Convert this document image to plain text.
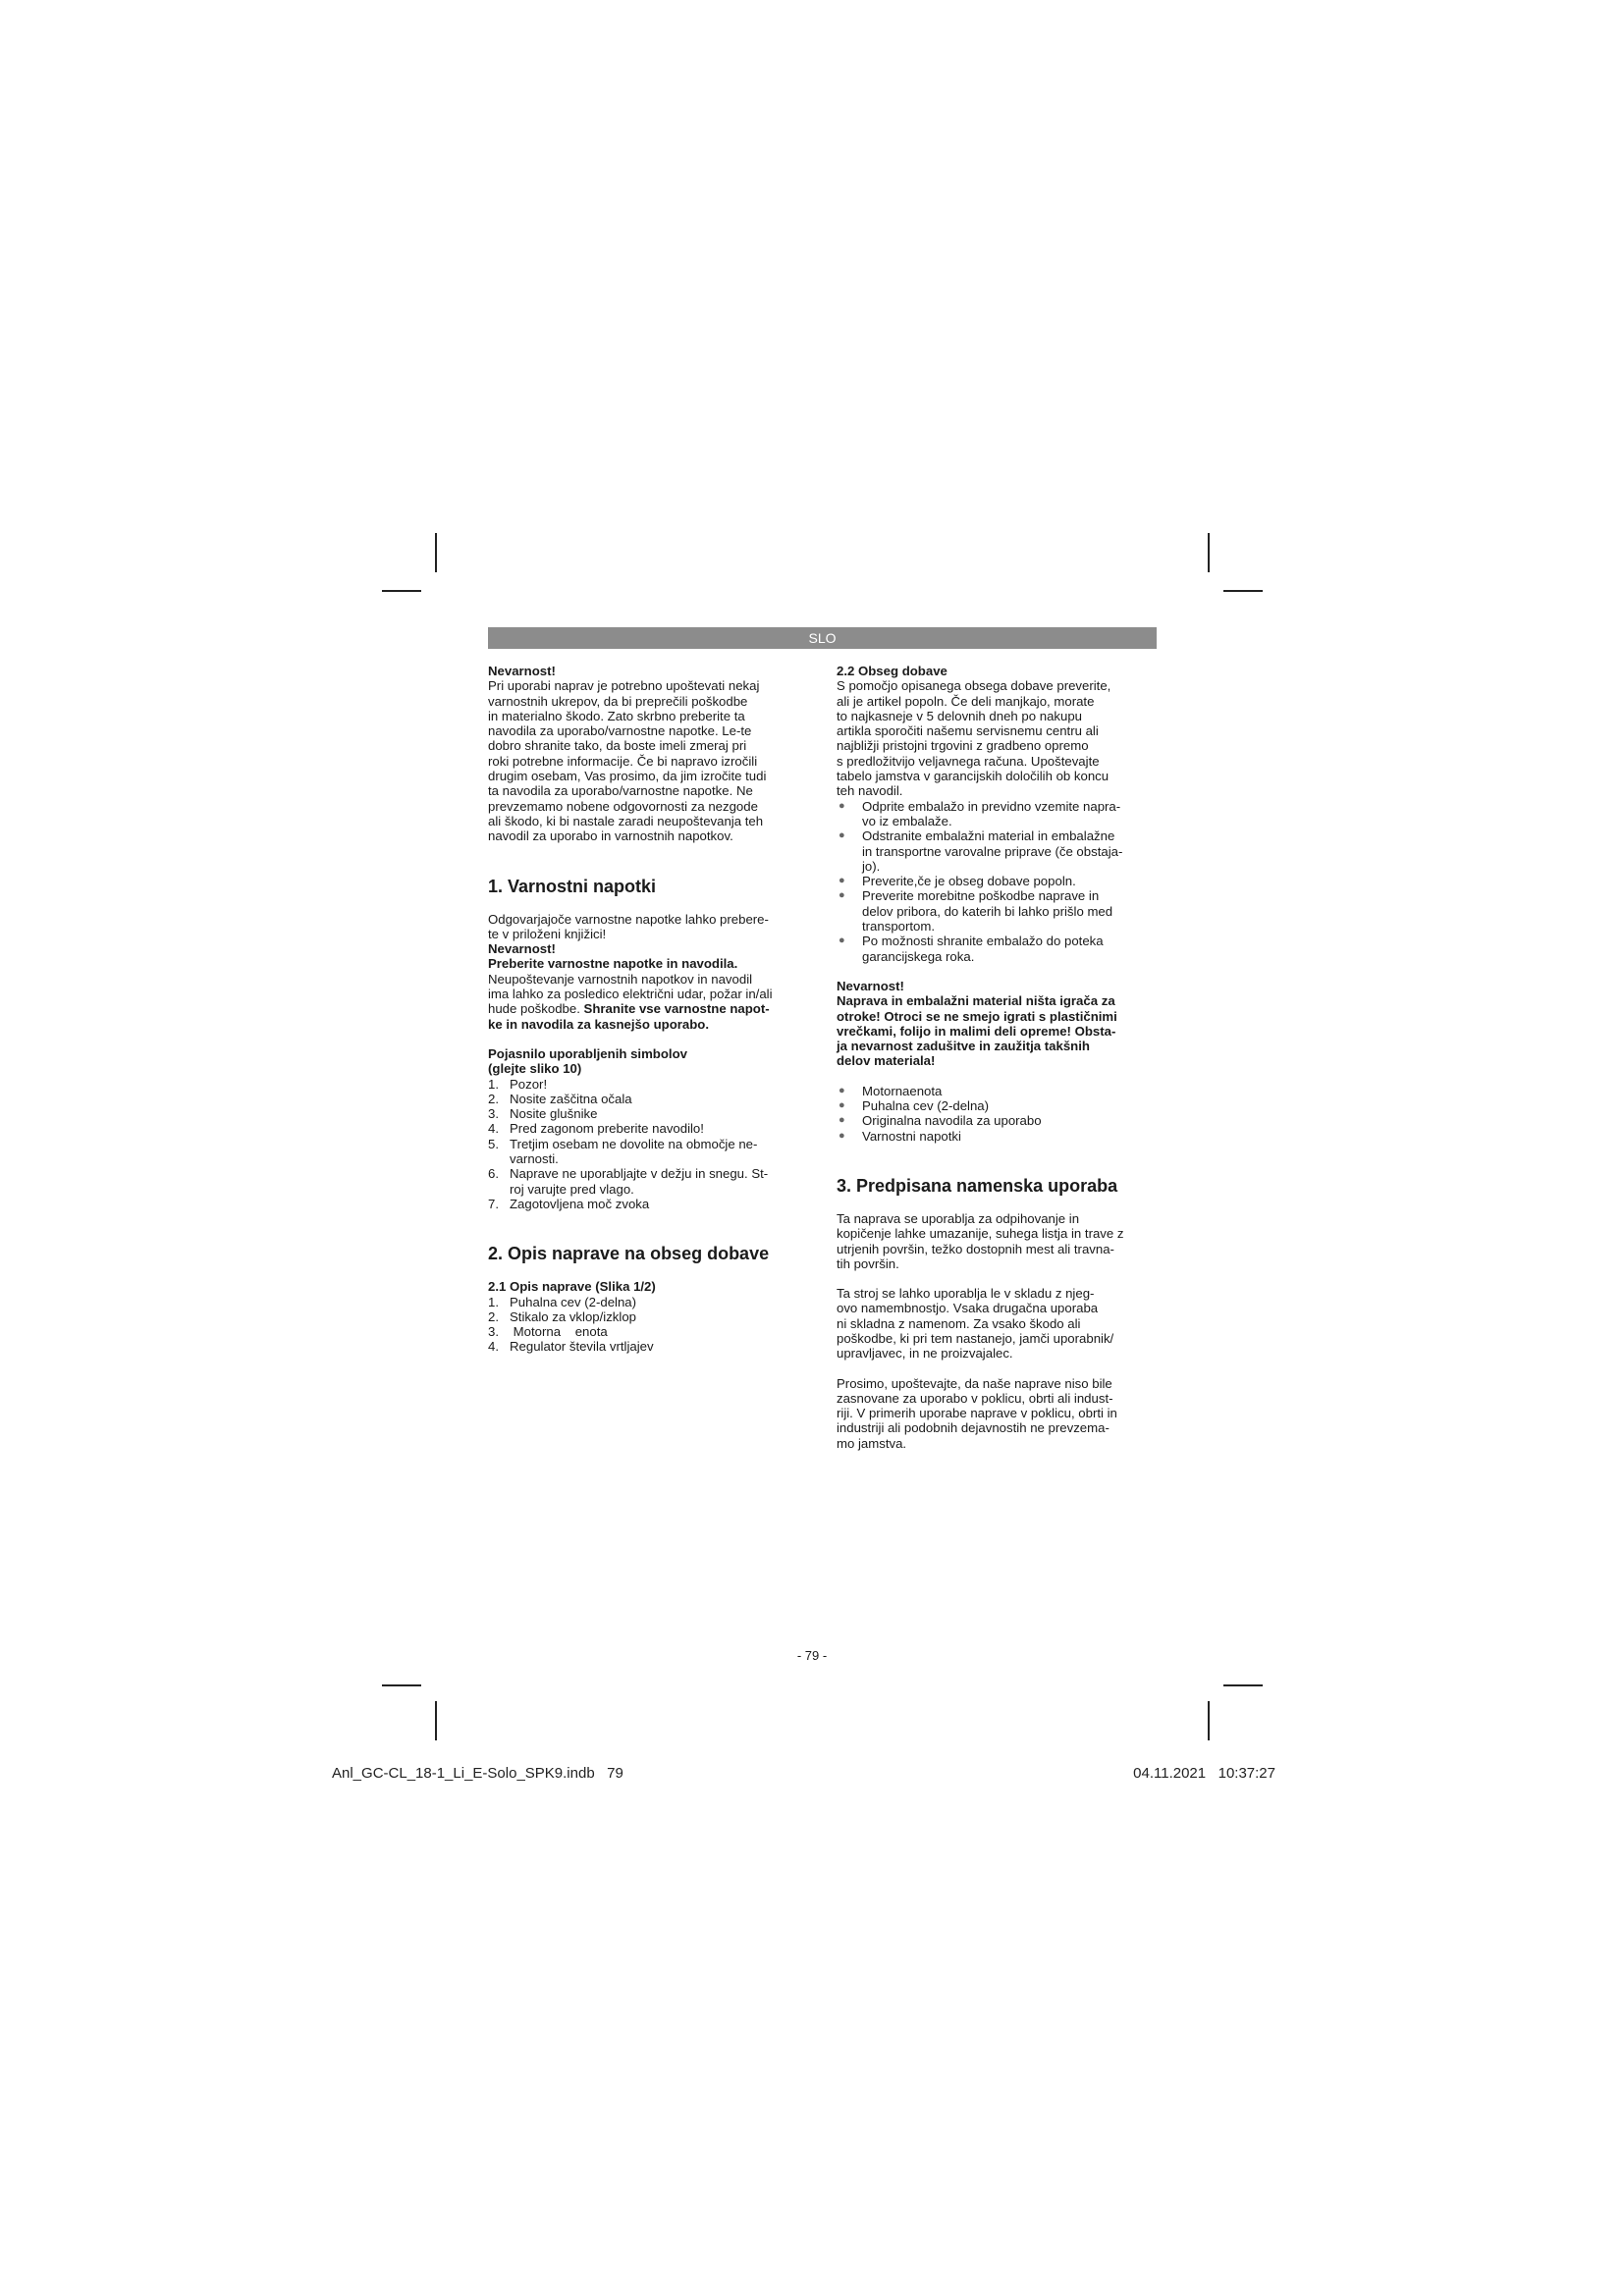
SLO
Nevarnost!
Pri uporabi naprav je potrebno upoštevati nekaj
varnostnih ukrepov, da bi preprečili poškodbe
in materialno škodo. Zato skrbno preberite ta
navodila za uporabo/varnostne napotke. Le-te
dobro shranite tako, da boste imeli zmeraj pri
roki potrebne informacije. Če bi napravo izročili
drugim osebam, Vas prosimo, da jim izročite tudi
ta navodila za uporabo/varnostne napotke. Ne
prevzemamo nobene odgovornosti za nezgode
ali škodo, ki bi nastale zaradi neupoštevanja teh
navodil za uporabo in varnostnih napotkov.
1. Varnostni napotki
Odgovarjajoče varnostne napotke lahko prebere-
te v priloženi knjižici!
Nevarnost!
Preberite varnostne napotke in navodila.
Neupoštevanje varnostnih napotkov in navodil
ima lahko za posledico električni udar, požar in/ali
hude poškodbe. Shranite vse varnostne napot-
ke in navodila za kasnejšo uporabo.
Pojasnilo uporabljenih simbolov
(glejte sliko 10)
1. Pozor!
2. Nosite zaščitna očala
3. Nosite glušnike
4. Pred zagonom preberite navodilo!
5. Tretjim osebam ne dovolite na območje ne-
varnosti.
6. Naprave ne uporabljajte v dežju in snegu. St-
roj varujte pred vlago.
7. Zagotovljena moč zvoka
2. Opis naprave na obseg dobave
2.1 Opis naprave (Slika 1/2)
1. Puhalna cev (2-delna)
2. Stikalo za vklop/izklop
3. Motorna    enota
4. Regulator števila vrtljajev
2.2 Obseg dobave
S pomočjo opisanega obsega dobave preverite,
ali je artikel popoln. Če deli manjkajo, morate
to najkasneje v 5 delovnih dneh po nakupu
artikla sporočiti našemu servisnemu centru ali
najbližji pristojni trgovini z gradbeno opremo
s predložitvijo veljavnega računa. Upoštevajte
tabelo jamstva v garancijskih določilih ob koncu
teh navodil.
●	Odprite embalažo in previdno vzemite napra-
vo iz embalaže.
●	Odstranite embalažni material in embalažne
in transportne varovalne priprave (če obstaja-
jo).
●	Preverite,če je obseg dobave popoln.
●	Preverite morebitne poškodbe naprave in
delov pribora, do katerih bi lahko prišlo med
transportom.
●	Po možnosti shranite embalažo do poteka
garancijskega roka.
Nevarnost!
Naprava in embalažni material ništa igrača za
otroke! Otroci se ne smejo igrati s plastičnimi
vrečkami, folijo in malimi deli opreme! Obsta-
ja nevarnost zadušitve in zaužitja takšnih
delov materiala!
●	Motornaenota
●	Puhalna cev (2-delna)
●	Originalna navodila za uporabo
●	Varnostni napotki
3. Predpisana namenska uporaba
Ta naprava se uporablja za odpihovanje in
kopičenje lahke umazanije, suhega listja in trave z
utrjenih površin, težko dostopnih mest ali travna-
tih površin.
Ta stroj se lahko uporablja le v skladu z njeg-
ovo namembnostjo. Vsaka drugačna uporaba
ni skladna z namenom. Za vsako škodo ali
poškodbe, ki pri tem nastanejo, jamči uporabnik/
upravljavec, in ne proizvajalec.
Prosimo, upoštevajte, da naše naprave niso bile
zasnovane za uporabo v poklicu, obrti ali indust-
riji. V primerih uporabe naprave v poklicu, obrti in
industriji ali podobnih dejavnostih ne prevzema-
mo jamstva.
- 79 -
Anl_GC-CL_18-1_Li_E-Solo_SPK9.indb   79	04.11.2021   10:37:27
